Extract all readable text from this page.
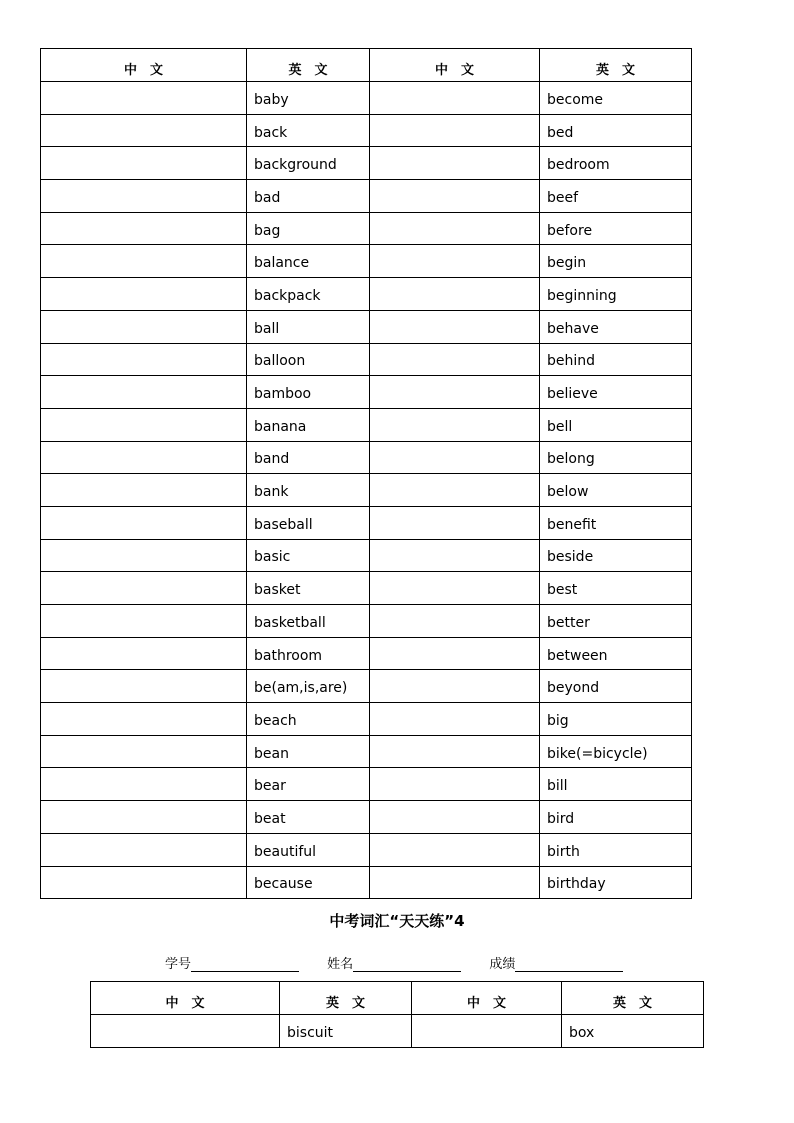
中　文	英　文	中　文	英　文
	baby		become
	back		bed
	background		bedroom
	bad		beef
	bag		before
	balance		begin
	backpack		beginning
	ball		behave
	balloon		behind
	bamboo		believe
	banana		bell
	band		belong
	bank		below
	baseball		benefit
	basic		beside
	basket		best
	basketball		better
	bathroom		between
	be(am,is,are)		beyond
	beach		big
	bean		bike(=bicycle)
	bear		bill
	beat		bird
	beautiful		birth
	because		birthday
中考词汇“天天练”4
学号	姓名	成绩
中　文	英　文	中　文	英　文
	biscuit		box
